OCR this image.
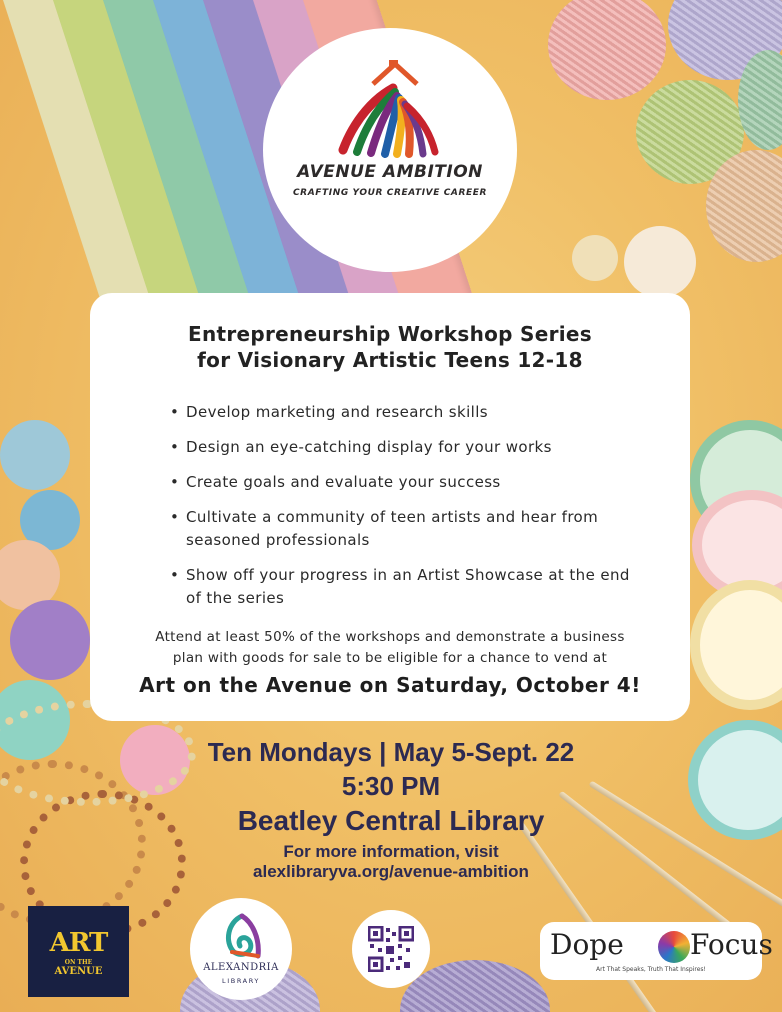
AVENUE AMBITION
CRAFTING YOUR CREATIVE CAREER
Entrepreneurship Workshop Series
for Visionary Artistic Teens 12-18
• Develop marketing and research skills
• Design an eye-catching display for your works
• Create goals and evaluate your success
• Cultivate a community of teen artists and hear from seasoned professionals
• Show off your progress in an Artist Showcase at the end of the series
Attend at least 50% of the workshops and demonstrate a business
plan with goods for sale to be eligible for a chance to vend at
Art on the Avenue on Saturday, October 4!
Ten Mondays | May 5-Sept. 22
5:30 PM
Beatley Central Library
For more information, visit
alexlibraryva.org/avenue-ambition
ART
ON THE
AVENUE	ALEXANDRIA
LIBRARY
Dope Focus
Art That Speaks, Truth That Inspires!
